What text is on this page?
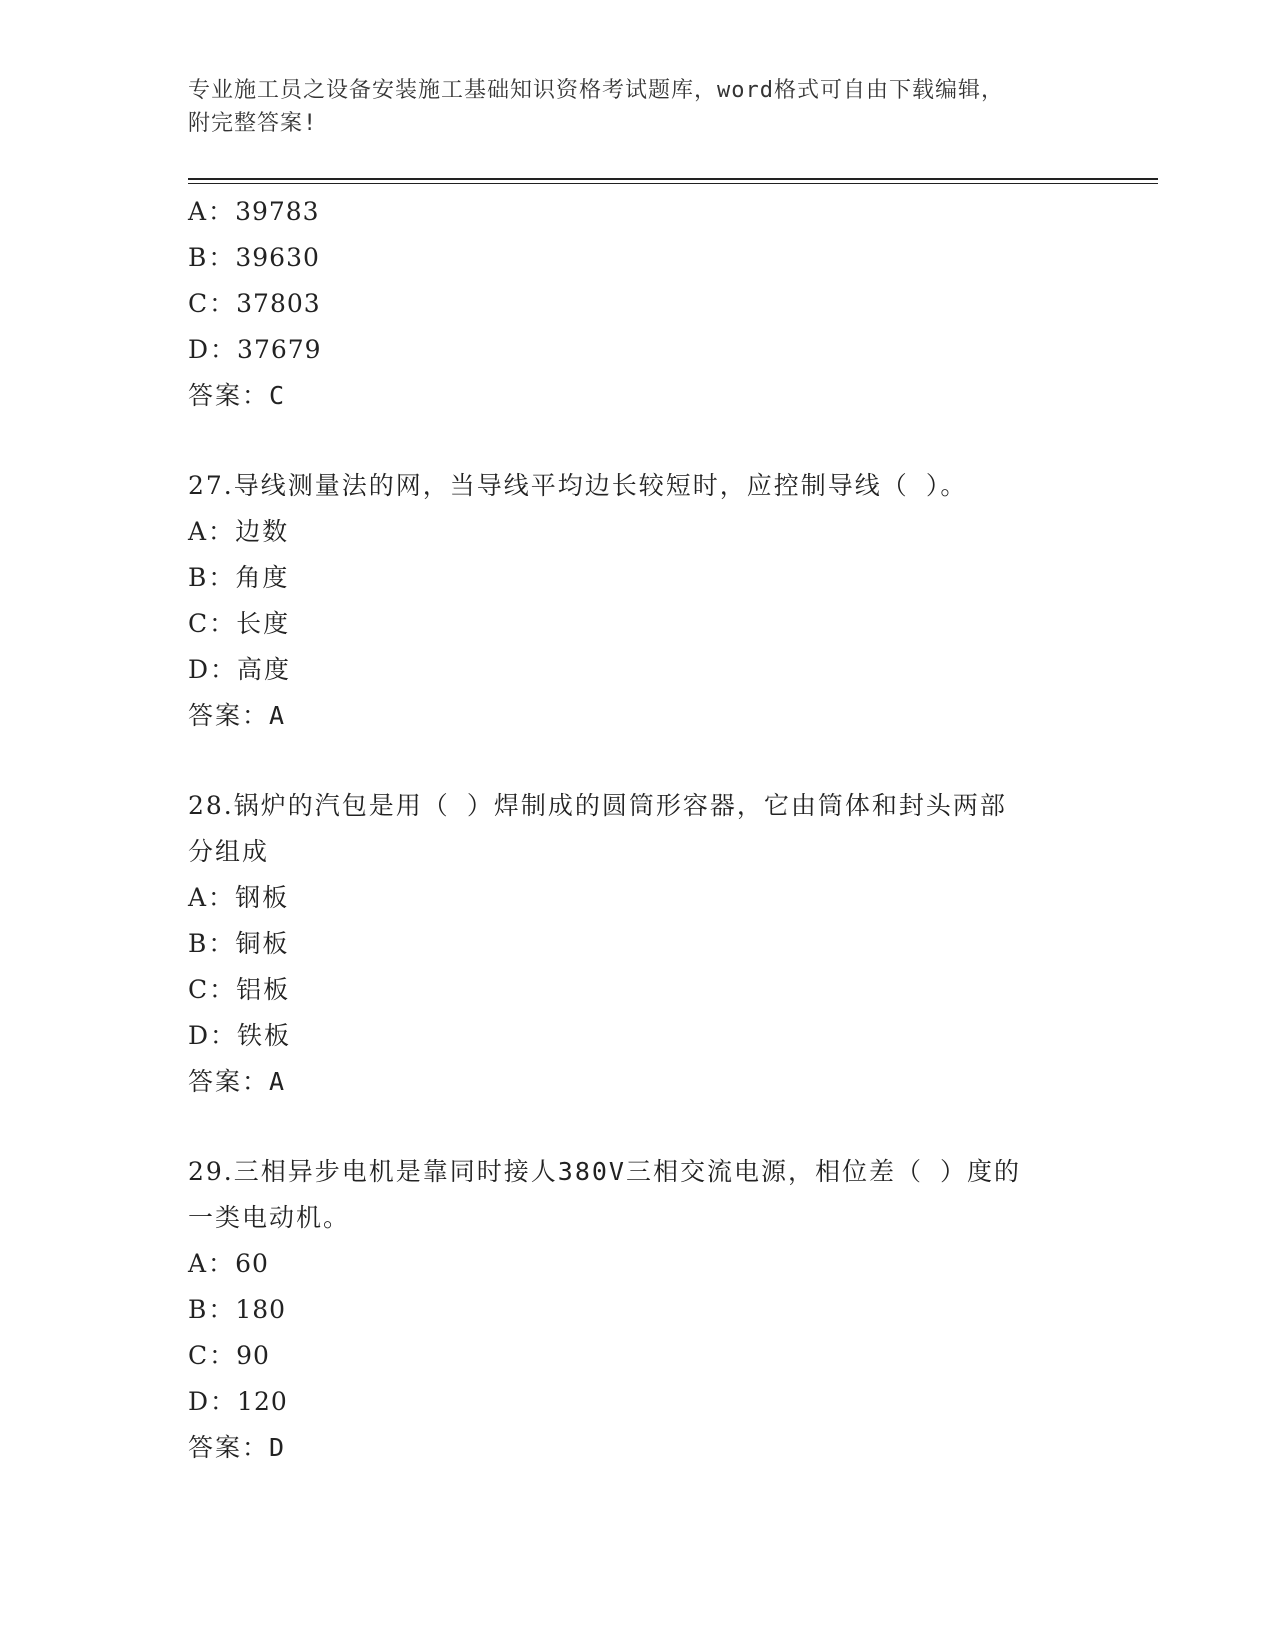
专业施工员之设备安装施工基础知识资格考试题库，word格式可自由下载编辑，
附完整答案!
A：39783
B：39630
C：37803
D：37679
答案：C
27.导线测量法的网，当导线平均边长较短时，应控制导线（ ）。
A：边数
B：角度
C：长度
D：高度
答案：A
28.锅炉的汽包是用（ ）焊制成的圆筒形容器，它由筒体和封头两部
分组成
A：钢板
B：铜板
C：铝板
D：铁板
答案：A
29.三相异步电机是靠同时接人380V三相交流电源，相位差（ ）度的
一类电动机。
A：60
B：180
C：90
D：120
答案：D
